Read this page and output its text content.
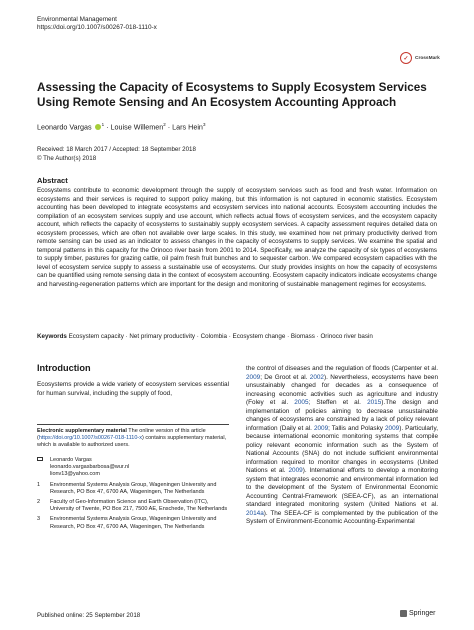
Environmental Management
https://doi.org/10.1007/s00267-018-1110-x
✓	CrossMark
Assessing the Capacity of Ecosystems to Supply Ecosystem Services Using Remote Sensing and An Ecosystem Accounting Approach
Leonardo Vargas $^1$ · Louise Willemen$^2$ · Lars Hein$^3$
Received: 18 March 2017 / Accepted: 18 September 2018
© The Author(s) 2018
Abstract
Ecosystems contribute to economic development through the supply of ecosystem services such as food and fresh water. Information on ecosystems and their services is required to support policy making, but this information is not captured in economic statistics. Ecosystem accounting has been developed to integrate ecosystems and ecosystem services into national accounts. Ecosystem accounting includes the compilation of an ecosystem services supply and use account, which reflects actual flows of ecosystem services, and the ecosystem capacity account, which reflects the capacity of ecosystems to sustainably supply ecosystem services. A capacity assessment requires detailed data on ecosystem processes, which are often not available over large scales. In this study, we examined how net primary productivity derived from remote sensing can be used as an indicator to assess changes in the capacity of ecosystems to supply services. We examine the spatial and temporal patterns in this capacity for the Orinoco river basin from 2001 to 2014. Specifically, we analyze the capacity of six types of ecosystems to supply timber, pastures for grazing cattle, oil palm fresh fruit bunches and to sequester carbon. We compared ecosystem capacities with the level of ecosystem service supply to assess a sustainable use of ecosystems. Our study provides insights on how the capacity of ecosystems can be quantified using remote sensing data in the context of ecosystem accounting. Ecosystem capacity indicators indicate ecosystems change and harvesting-regeneration patterns which are important for the design and monitoring of sustainable management regimes for ecosystems.
Keywords Ecosystem capacity · Net primary productivity · Colombia · Ecosystem change · Biomass · Orinoco river basin
Introduction
Ecosystems provide a wide variety of ecosystem services essential for human survival, including the supply of food,
Electronic supplementary material The online version of this article (https://doi.org/10.1007/s00267-018-1110-x) contains supplementary material, which is available to authorized users.
Leonardo Vargas
leonardo.vargasbarbosa@wur.nl
lionv13@yahoo.com
1	Environmental Systems Analysis Group, Wageningen University and Research, PO Box 47, 6700 AA, Wageningen, The Netherlands
2	Faculty of Geo-Information Science and Earth Observation (ITC), University of Twente, PO Box 217, 7500 AE, Enschede, The Netherlands
3	Environmental Systems Analysis Group, Wageningen University and Research, PO Box 47, 6700 AA, Wageningen, The Netherlands
the control of diseases and the regulation of floods (Carpenter et al. 2009; De Groot et al. 2002). Nevertheless, ecosystems have been unsustainably changed for decades as a consequence of increasing economic activities such as agriculture and industry (Foley et al. 2005; Steffen et al. 2015).The design and implementation of policies aiming to decrease unsustainable changes of ecosystems are constrained by a lack of policy relevant information (Daily et al. 2009; Tallis and Polasky 2009). Particularly, because international economic monitoring systems that compile policy relevant economic information such as the System of National Accounts (SNA) do not include sufficient environmental information required to monitor changes in ecosystems (United Nations et al. 2009). International efforts to develop a monitoring system that integrates economic and environmental information led to the development of the System of Environmental Economic Accounting Central-Framework (SEEA-CF), as an international standard integrated monitoring system (United Nations et al. 2014a). The SEEA-CF is complemented by the publication of the System of Environment-Economic Accounting-Experimental
Published online: 25 September 2018	Springer
